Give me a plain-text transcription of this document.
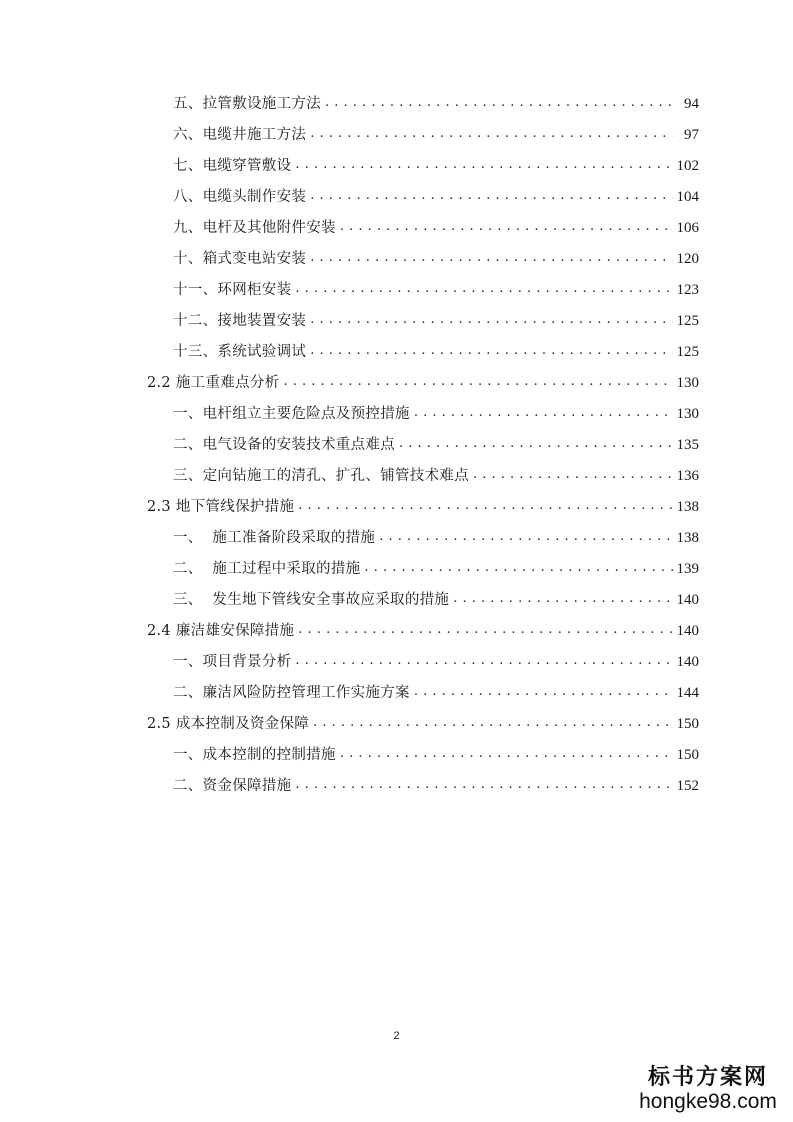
五、拉管敷设施工方法 . . .	94
六、电缆井施工方法 . . .	97
七、电缆穿管敷设 . . .	102
八、电缆头制作安装 . . .	104
九、电杆及其他附件安装 . . .	106
十、箱式变电站安装 . . .	120
十一、环网柜安装 . . .	123
十二、接地装置安装 . . .	125
十三、系统试验调试 . . .	125
2.2 施工重难点分析 . . .	130
一、电杆组立主要危险点及预控措施 . . .	130
二、电气设备的安装技术重点难点 . . .	135
三、定向钻施工的清孔、扩孔、铺管技术难点 . . .	136
2.3 地下管线保护措施 . . .	138
一、  施工准备阶段采取的措施 . . .	138
二、  施工过程中采取的措施 . . .	139
三、  发生地下管线安全事故应采取的措施 . . .	140
2.4 廉洁雄安保障措施 . . .	140
一、项目背景分析 . . .	140
二、廉洁风险防控管理工作实施方案 . . .	144
2.5 成本控制及资金保障 . . .	150
一、成本控制的控制措施 . . .	150
二、资金保障措施 . . .	152
2
标书方案网
hongke98.com
